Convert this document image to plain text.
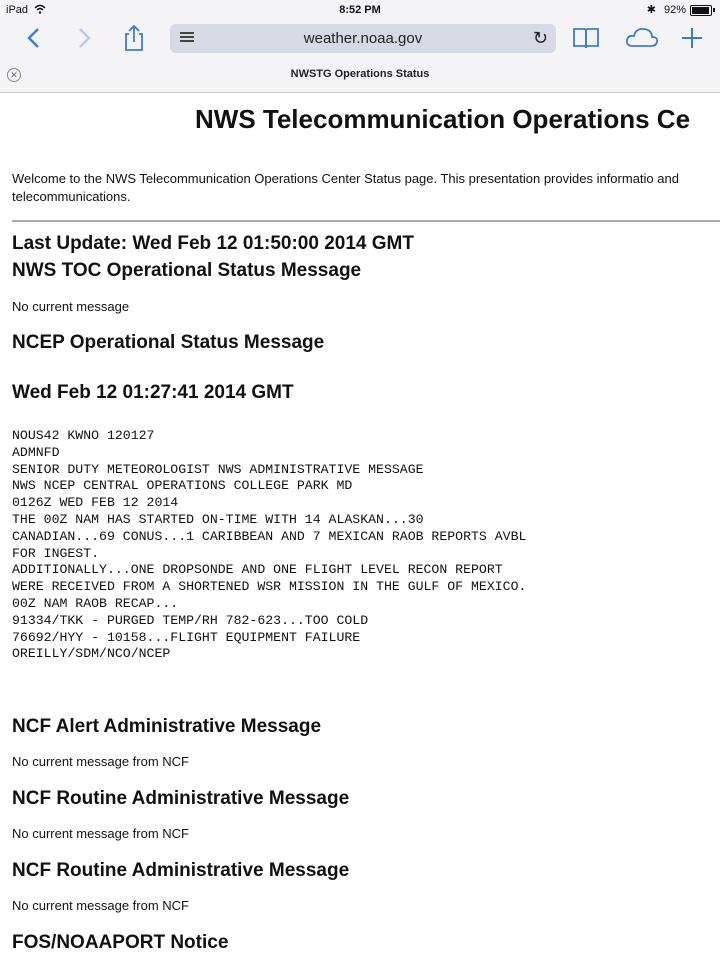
iPad	8:52 PM	✱ 92%
weather.noaa.gov	↻
✕	NWSTG Operations Status
NWS Telecommunication Operations Ce

Welcome to the NWS Telecommunication Operations Center Status page. This presentation provides informatio and telecommunications.

Last Update: Wed Feb 12 01:50:00 2014 GMT
NWS TOC Operational Status Message

No current message

NCEP Operational Status Message
Wed Feb 12 01:27:41 2014 GMT
NOUS42 KWNO 120127
ADMNFD
SENIOR DUTY METEOROLOGIST NWS ADMINISTRATIVE MESSAGE
NWS NCEP CENTRAL OPERATIONS COLLEGE PARK MD
0126Z WED FEB 12 2014
THE 00Z NAM HAS STARTED ON-TIME WITH 14 ALASKAN...30
CANADIAN...69 CONUS...1 CARIBBEAN AND 7 MEXICAN RAOB REPORTS AVBL
FOR INGEST.
ADDITIONALLY...ONE DROPSONDE AND ONE FLIGHT LEVEL RECON REPORT
WERE RECEIVED FROM A SHORTENED WSR MISSION IN THE GULF OF MEXICO.
00Z NAM RAOB RECAP...
91334/TKK - PURGED TEMP/RH 782-623...TOO COLD
76692/HYY - 10158...FLIGHT EQUIPMENT FAILURE
OREILLY/SDM/NCO/NCEP
NCF Alert Administrative Message

No current message from NCF

NCF Routine Administrative Message

No current message from NCF

NCF Routine Administrative Message

No current message from NCF

FOS/NOAAPORT Notice
